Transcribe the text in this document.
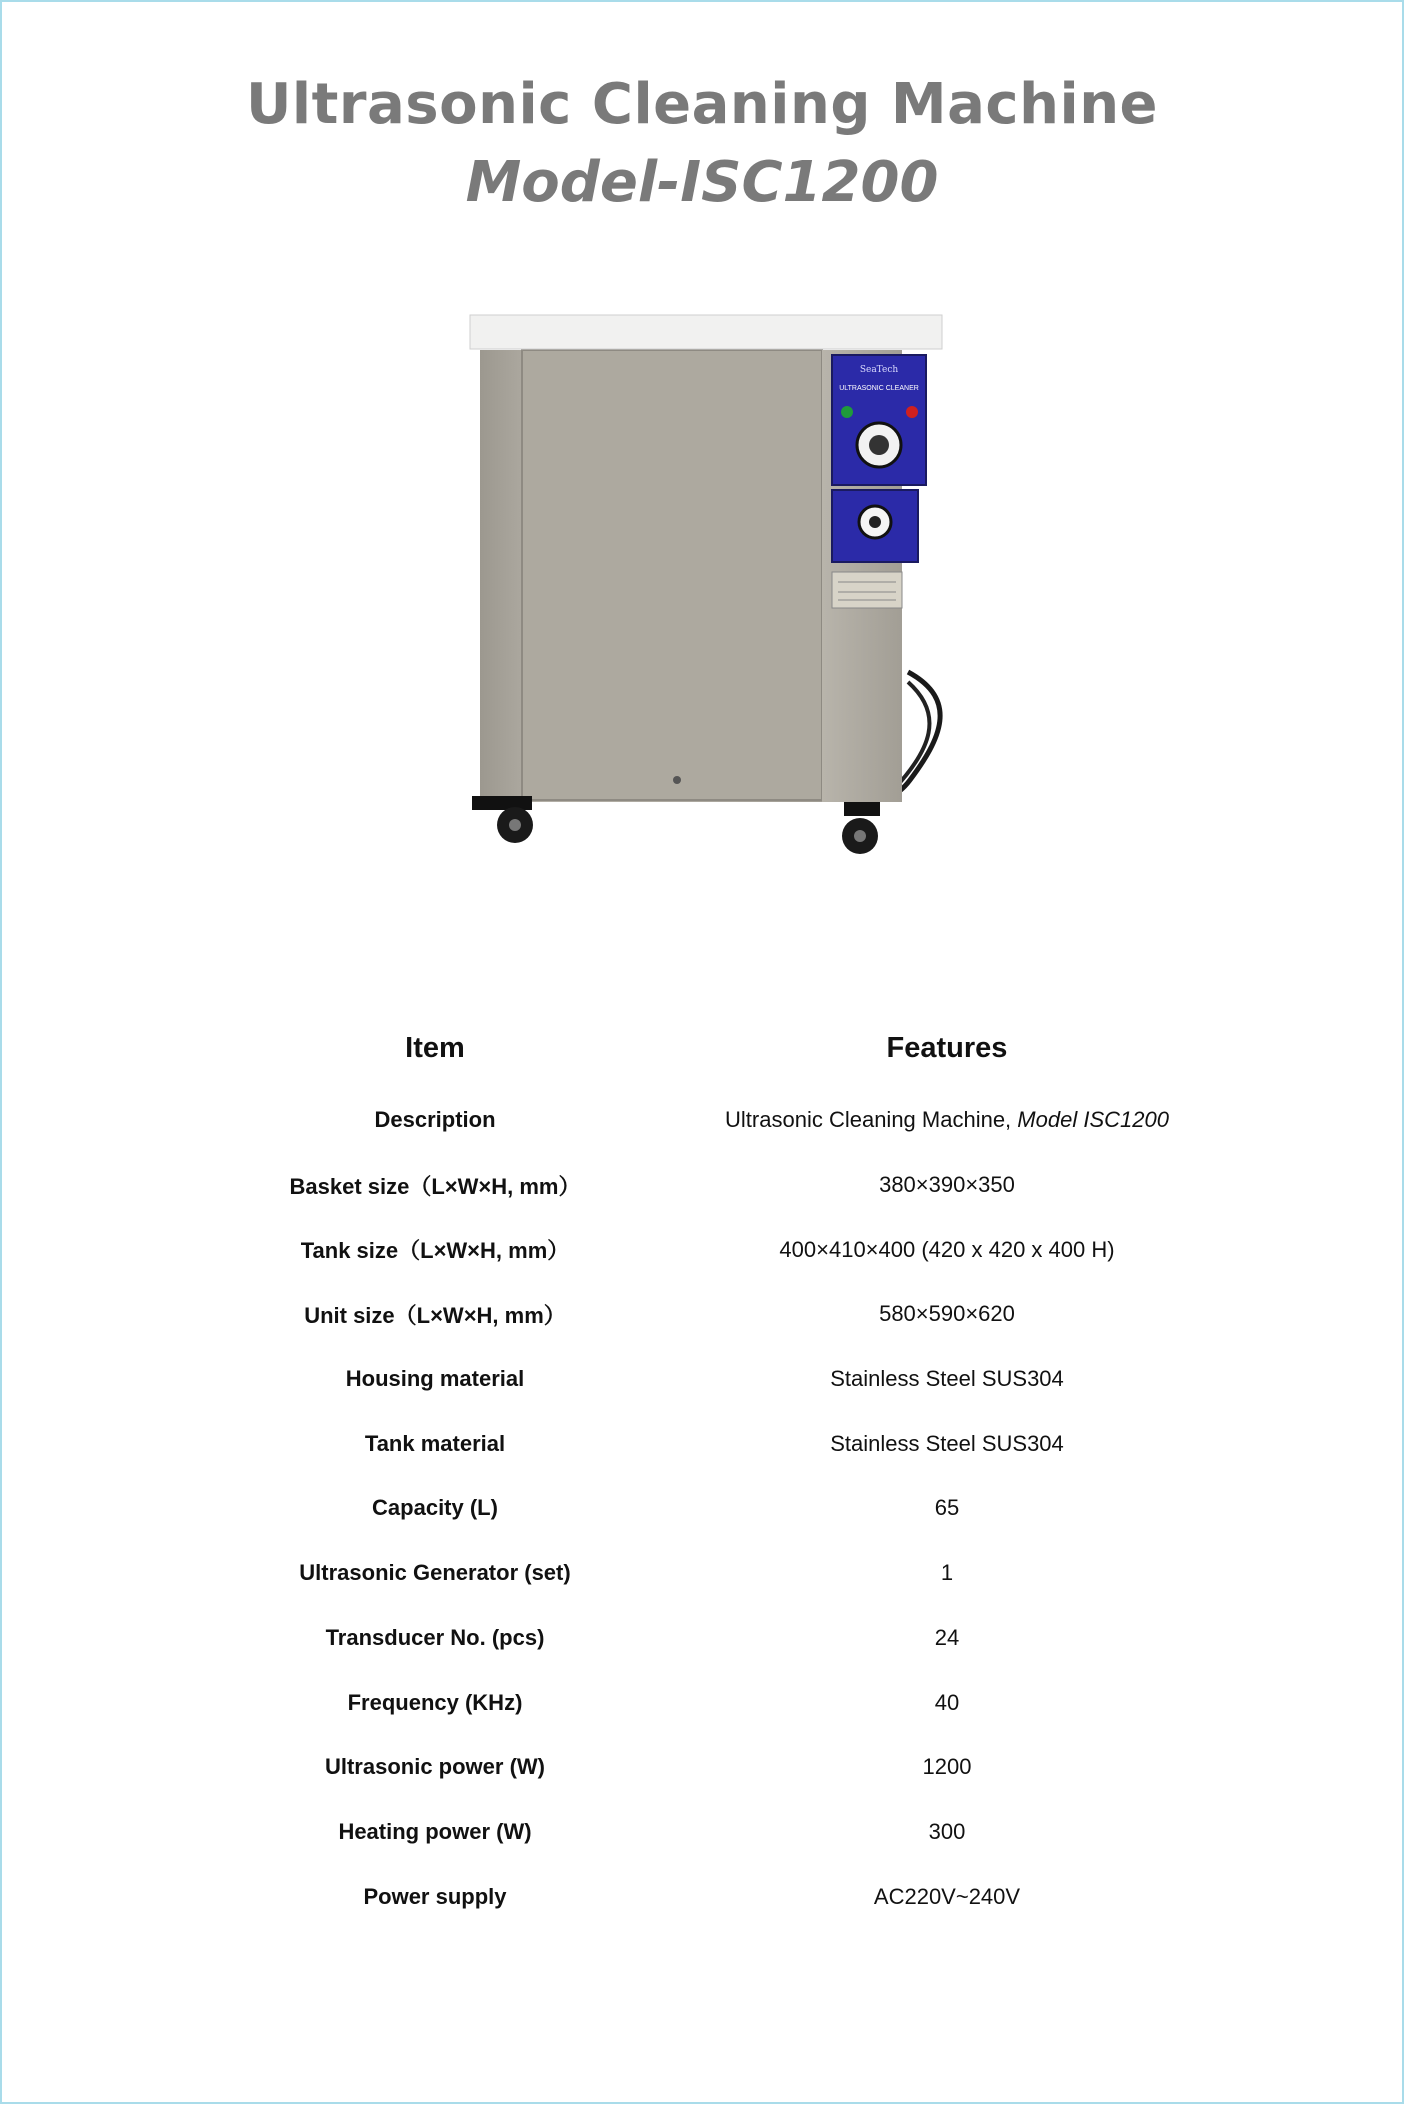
Ultrasonic Cleaning Machine
Model-ISC1200
SeaTech
ULTRASONIC CLEANER
Item	Features
Description	Ultrasonic Cleaning Machine, Model ISC1200
Basket size（L×W×H, mm）	380×390×350
Tank size（L×W×H, mm）	400×410×400 (420 x 420 x 400 H)
Unit size（L×W×H, mm）	580×590×620
Housing material	Stainless Steel SUS304
Tank material	Stainless Steel SUS304
Capacity (L)	65
Ultrasonic Generator (set)	1
Transducer No. (pcs)	24
Frequency (KHz)	40
Ultrasonic power (W)	1200
Heating power (W)	300
Power supply	AC220V~240V
